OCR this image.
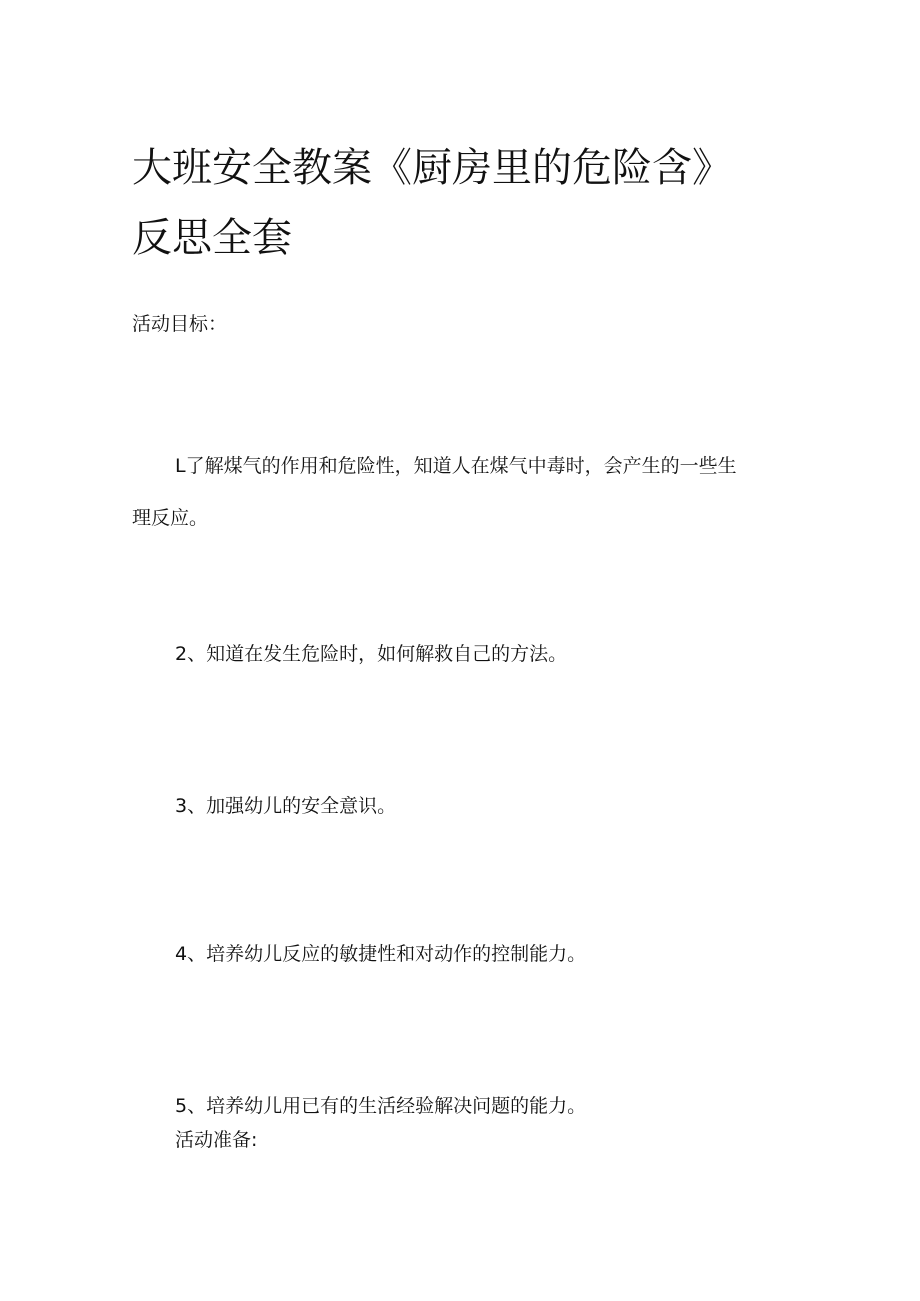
大班安全教案《厨房里的危险含》
反思全套

活动目标：

L了解煤气的作用和危险性，知道人在煤气中毒时，会产生的一些生

理反应。

2、知道在发生危险时，如何解救自己的方法。

3、加强幼儿的安全意识。

4、培养幼儿反应的敏捷性和对动作的控制能力。

5、培养幼儿用已有的生活经验解决问题的能力。

活动准备:
